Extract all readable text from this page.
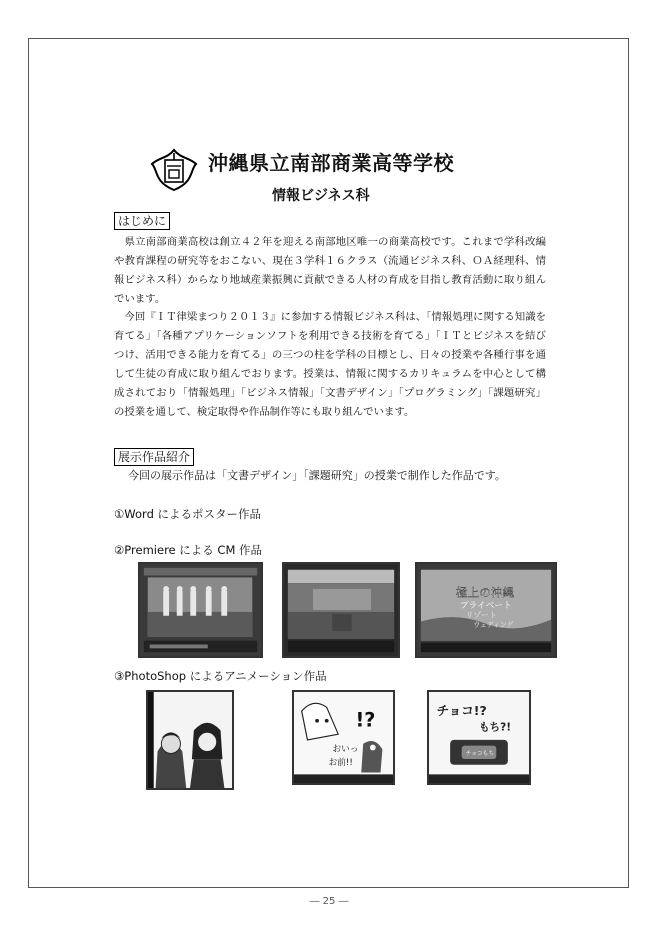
沖縄県立南部商業高等学校
情報ビジネス科
はじめに

　県立南部商業高校は創立４２年を迎える南部地区唯一の商業高校です。これまで学科改編や教育課程の研究等をおこない、現在３学科１６クラス（流通ビジネス科、ＯＡ経理科、情報ビジネス科）からなり地域産業振興に貢献できる人材の育成を目指し教育活動に取り組んでいます。

　今回『ＩＴ律梁まつり２０１３』に参加する情報ビジネス科は、「情報処理に関する知識を育てる」「各種アプリケーションソフトを利用できる技術を育てる」「ＩＴとビジネスを結びつけ、活用できる能力を育てる」の三つの柱を学科の目標とし、日々の授業や各種行事を通して生徒の育成に取り組んでおります。授業は、情報に関するカリキュラムを中心として構成されており「情報処理」「ビジネス情報」「文書デザイン」「プログラミング」「課題研究」の授業を通して、検定取得や作品制作等にも取り組んでいます。

展示作品紹介
今回の展示作品は「文書デザイン」「課題研究」の授業で制作した作品です。
①Word によるポスター作品
②Premiere による CM 作品
極上の沖縄
プライベート
リゾート
ウェディング
③PhotoShop によるアニメーション作品
!?
おいっ
お前!!
チョコ!?
もち?!
チョコもち
― 25 ―
